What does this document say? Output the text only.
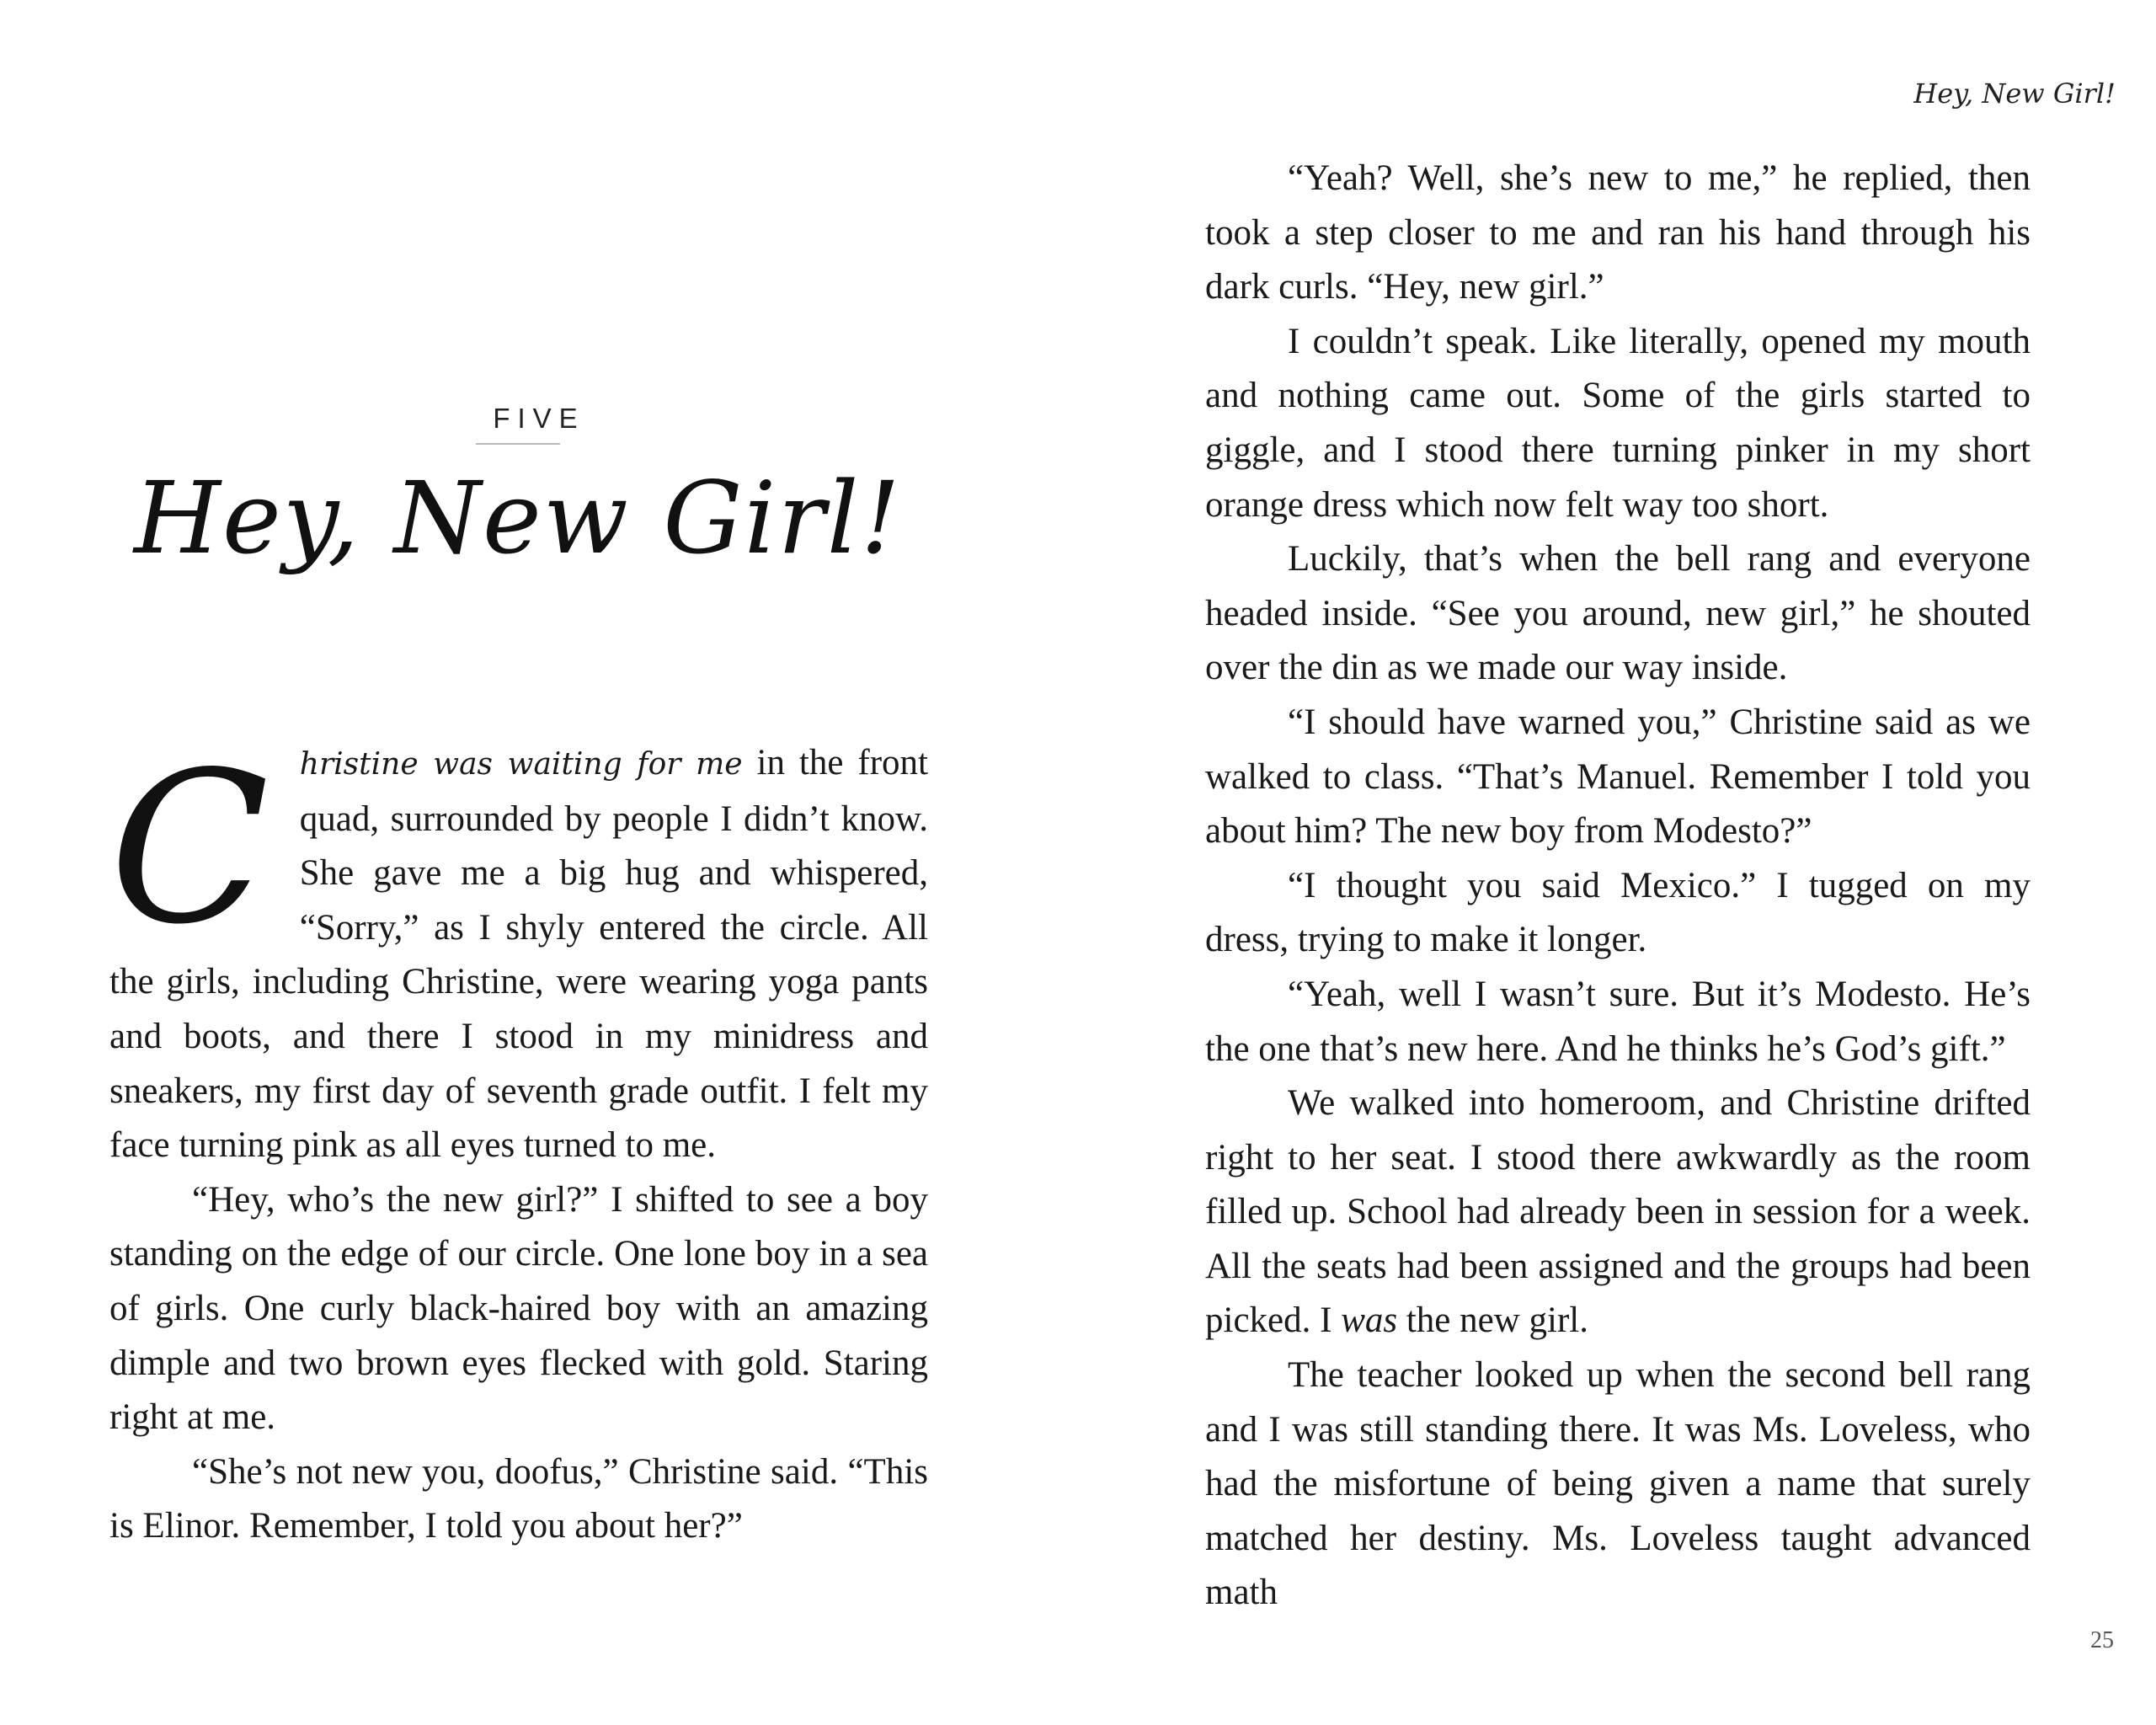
FIVE
Hey, New Girl!

C hristine was waiting for me in the front quad, surrounded by people I didn’t know. She gave me a big hug and whispered, “Sorry,” as I shyly entered the circle. All the girls, including Christine, were wearing yoga pants and boots, and there I stood in my minidress and sneakers, my first day of seventh grade outfit. I felt my face turning pink as all eyes turned to me.

“Hey, who’s the new girl?” I shifted to see a boy standing on the edge of our circle. One lone boy in a sea of girls. One curly black-haired boy with an amazing dimple and two brown eyes flecked with gold. Staring right at me.

“She’s not new you, doofus,” Christine said. “This is Elinor. Remember, I told you about her?”

Hey, New Girl!

“Yeah? Well, she’s new to me,” he replied, then took a step closer to me and ran his hand through his dark curls. “Hey, new girl.”

I couldn’t speak. Like literally, opened my mouth and nothing came out. Some of the girls started to giggle, and I stood there turning pinker in my short orange dress which now felt way too short.

Luckily, that’s when the bell rang and everyone headed inside. “See you around, new girl,” he shouted over the din as we made our way inside.

“I should have warned you,” Christine said as we walked to class. “That’s Manuel. Remember I told you about him? The new boy from Modesto?”

“I thought you said Mexico.” I tugged on my dress, trying to make it longer.

“Yeah, well I wasn’t sure. But it’s Modesto. He’s the one that’s new here. And he thinks he’s God’s gift.”

We walked into homeroom, and Christine drifted right to her seat. I stood there awkwardly as the room filled up. School had already been in session for a week. All the seats had been assigned and the groups had been picked. I was the new girl.

The teacher looked up when the second bell rang and I was still standing there. It was Ms. Loveless, who had the misfortune of being given a name that surely matched her destiny. Ms. Loveless taught advanced math

25
